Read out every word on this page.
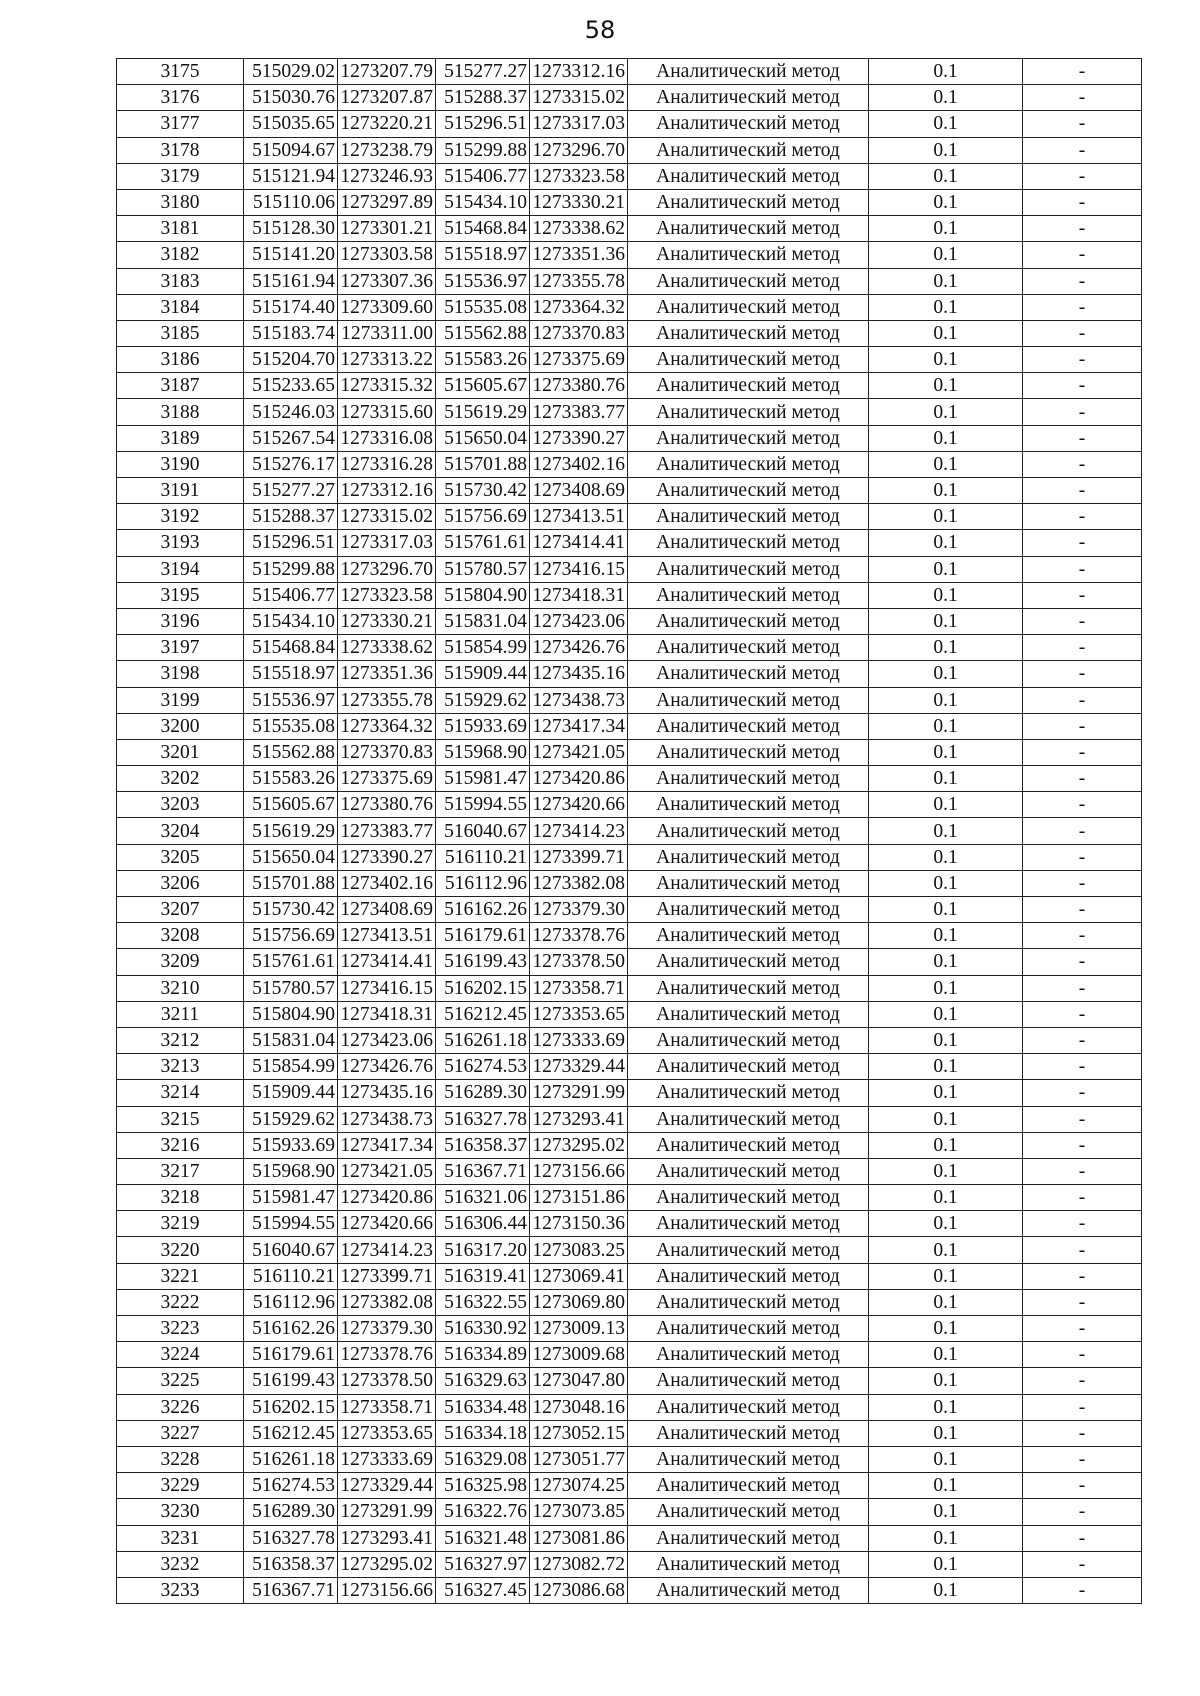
58
3175	515029.02	1273207.79	515277.27	1273312.16	Аналитический метод	0.1	-
3176	515030.76	1273207.87	515288.37	1273315.02	Аналитический метод	0.1	-
3177	515035.65	1273220.21	515296.51	1273317.03	Аналитический метод	0.1	-
3178	515094.67	1273238.79	515299.88	1273296.70	Аналитический метод	0.1	-
3179	515121.94	1273246.93	515406.77	1273323.58	Аналитический метод	0.1	-
3180	515110.06	1273297.89	515434.10	1273330.21	Аналитический метод	0.1	-
3181	515128.30	1273301.21	515468.84	1273338.62	Аналитический метод	0.1	-
3182	515141.20	1273303.58	515518.97	1273351.36	Аналитический метод	0.1	-
3183	515161.94	1273307.36	515536.97	1273355.78	Аналитический метод	0.1	-
3184	515174.40	1273309.60	515535.08	1273364.32	Аналитический метод	0.1	-
3185	515183.74	1273311.00	515562.88	1273370.83	Аналитический метод	0.1	-
3186	515204.70	1273313.22	515583.26	1273375.69	Аналитический метод	0.1	-
3187	515233.65	1273315.32	515605.67	1273380.76	Аналитический метод	0.1	-
3188	515246.03	1273315.60	515619.29	1273383.77	Аналитический метод	0.1	-
3189	515267.54	1273316.08	515650.04	1273390.27	Аналитический метод	0.1	-
3190	515276.17	1273316.28	515701.88	1273402.16	Аналитический метод	0.1	-
3191	515277.27	1273312.16	515730.42	1273408.69	Аналитический метод	0.1	-
3192	515288.37	1273315.02	515756.69	1273413.51	Аналитический метод	0.1	-
3193	515296.51	1273317.03	515761.61	1273414.41	Аналитический метод	0.1	-
3194	515299.88	1273296.70	515780.57	1273416.15	Аналитический метод	0.1	-
3195	515406.77	1273323.58	515804.90	1273418.31	Аналитический метод	0.1	-
3196	515434.10	1273330.21	515831.04	1273423.06	Аналитический метод	0.1	-
3197	515468.84	1273338.62	515854.99	1273426.76	Аналитический метод	0.1	-
3198	515518.97	1273351.36	515909.44	1273435.16	Аналитический метод	0.1	-
3199	515536.97	1273355.78	515929.62	1273438.73	Аналитический метод	0.1	-
3200	515535.08	1273364.32	515933.69	1273417.34	Аналитический метод	0.1	-
3201	515562.88	1273370.83	515968.90	1273421.05	Аналитический метод	0.1	-
3202	515583.26	1273375.69	515981.47	1273420.86	Аналитический метод	0.1	-
3203	515605.67	1273380.76	515994.55	1273420.66	Аналитический метод	0.1	-
3204	515619.29	1273383.77	516040.67	1273414.23	Аналитический метод	0.1	-
3205	515650.04	1273390.27	516110.21	1273399.71	Аналитический метод	0.1	-
3206	515701.88	1273402.16	516112.96	1273382.08	Аналитический метод	0.1	-
3207	515730.42	1273408.69	516162.26	1273379.30	Аналитический метод	0.1	-
3208	515756.69	1273413.51	516179.61	1273378.76	Аналитический метод	0.1	-
3209	515761.61	1273414.41	516199.43	1273378.50	Аналитический метод	0.1	-
3210	515780.57	1273416.15	516202.15	1273358.71	Аналитический метод	0.1	-
3211	515804.90	1273418.31	516212.45	1273353.65	Аналитический метод	0.1	-
3212	515831.04	1273423.06	516261.18	1273333.69	Аналитический метод	0.1	-
3213	515854.99	1273426.76	516274.53	1273329.44	Аналитический метод	0.1	-
3214	515909.44	1273435.16	516289.30	1273291.99	Аналитический метод	0.1	-
3215	515929.62	1273438.73	516327.78	1273293.41	Аналитический метод	0.1	-
3216	515933.69	1273417.34	516358.37	1273295.02	Аналитический метод	0.1	-
3217	515968.90	1273421.05	516367.71	1273156.66	Аналитический метод	0.1	-
3218	515981.47	1273420.86	516321.06	1273151.86	Аналитический метод	0.1	-
3219	515994.55	1273420.66	516306.44	1273150.36	Аналитический метод	0.1	-
3220	516040.67	1273414.23	516317.20	1273083.25	Аналитический метод	0.1	-
3221	516110.21	1273399.71	516319.41	1273069.41	Аналитический метод	0.1	-
3222	516112.96	1273382.08	516322.55	1273069.80	Аналитический метод	0.1	-
3223	516162.26	1273379.30	516330.92	1273009.13	Аналитический метод	0.1	-
3224	516179.61	1273378.76	516334.89	1273009.68	Аналитический метод	0.1	-
3225	516199.43	1273378.50	516329.63	1273047.80	Аналитический метод	0.1	-
3226	516202.15	1273358.71	516334.48	1273048.16	Аналитический метод	0.1	-
3227	516212.45	1273353.65	516334.18	1273052.15	Аналитический метод	0.1	-
3228	516261.18	1273333.69	516329.08	1273051.77	Аналитический метод	0.1	-
3229	516274.53	1273329.44	516325.98	1273074.25	Аналитический метод	0.1	-
3230	516289.30	1273291.99	516322.76	1273073.85	Аналитический метод	0.1	-
3231	516327.78	1273293.41	516321.48	1273081.86	Аналитический метод	0.1	-
3232	516358.37	1273295.02	516327.97	1273082.72	Аналитический метод	0.1	-
3233	516367.71	1273156.66	516327.45	1273086.68	Аналитический метод	0.1	-
